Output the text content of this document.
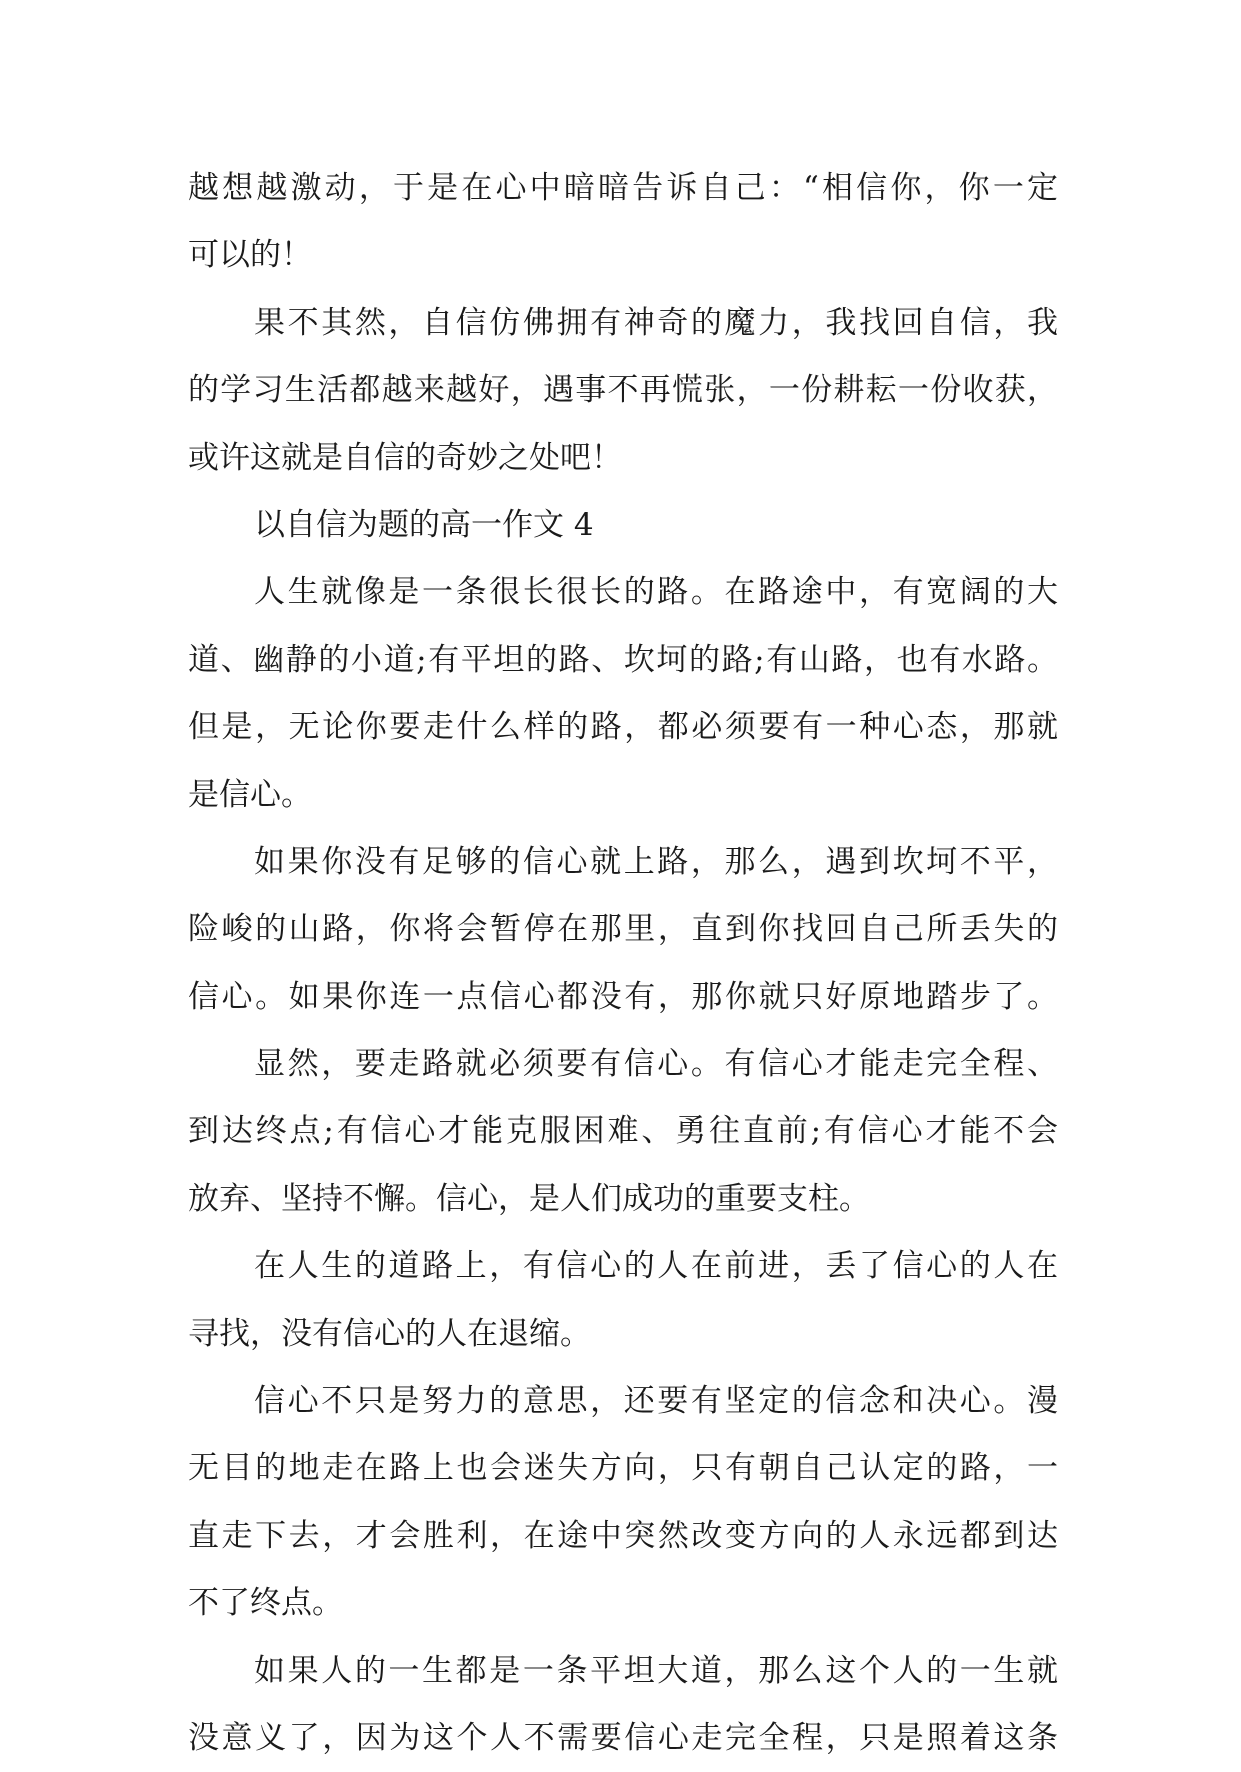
越想越激动，于是在心中暗暗告诉自己：“相信你，你一定
可以的！
果不其然，自信仿佛拥有神奇的魔力，我找回自信，我
的学习生活都越来越好，遇事不再慌张，一份耕耘一份收获，
或许这就是自信的奇妙之处吧！
以自信为题的高一作文 4
人生就像是一条很长很长的路。在路途中，有宽阔的大
道、幽静的小道;有平坦的路、坎坷的路;有山路，也有水路。
但是，无论你要走什么样的路，都必须要有一种心态，那就
是信心。
如果你没有足够的信心就上路，那么，遇到坎坷不平，
险峻的山路，你将会暂停在那里，直到你找回自己所丢失的
信心。如果你连一点信心都没有，那你就只好原地踏步了。
显然，要走路就必须要有信心。有信心才能走完全程、
到达终点;有信心才能克服困难、勇往直前;有信心才能不会
放弃、坚持不懈。信心，是人们成功的重要支柱。
在人生的道路上，有信心的人在前进，丢了信心的人在
寻找，没有信心的人在退缩。
信心不只是努力的意思，还要有坚定的信念和决心。漫
无目的地走在路上也会迷失方向，只有朝自己认定的路，一
直走下去，才会胜利，在途中突然改变方向的人永远都到达
不了终点。
如果人的一生都是一条平坦大道，那么这个人的一生就
没意义了，因为这个人不需要信心走完全程，只是照着这条
